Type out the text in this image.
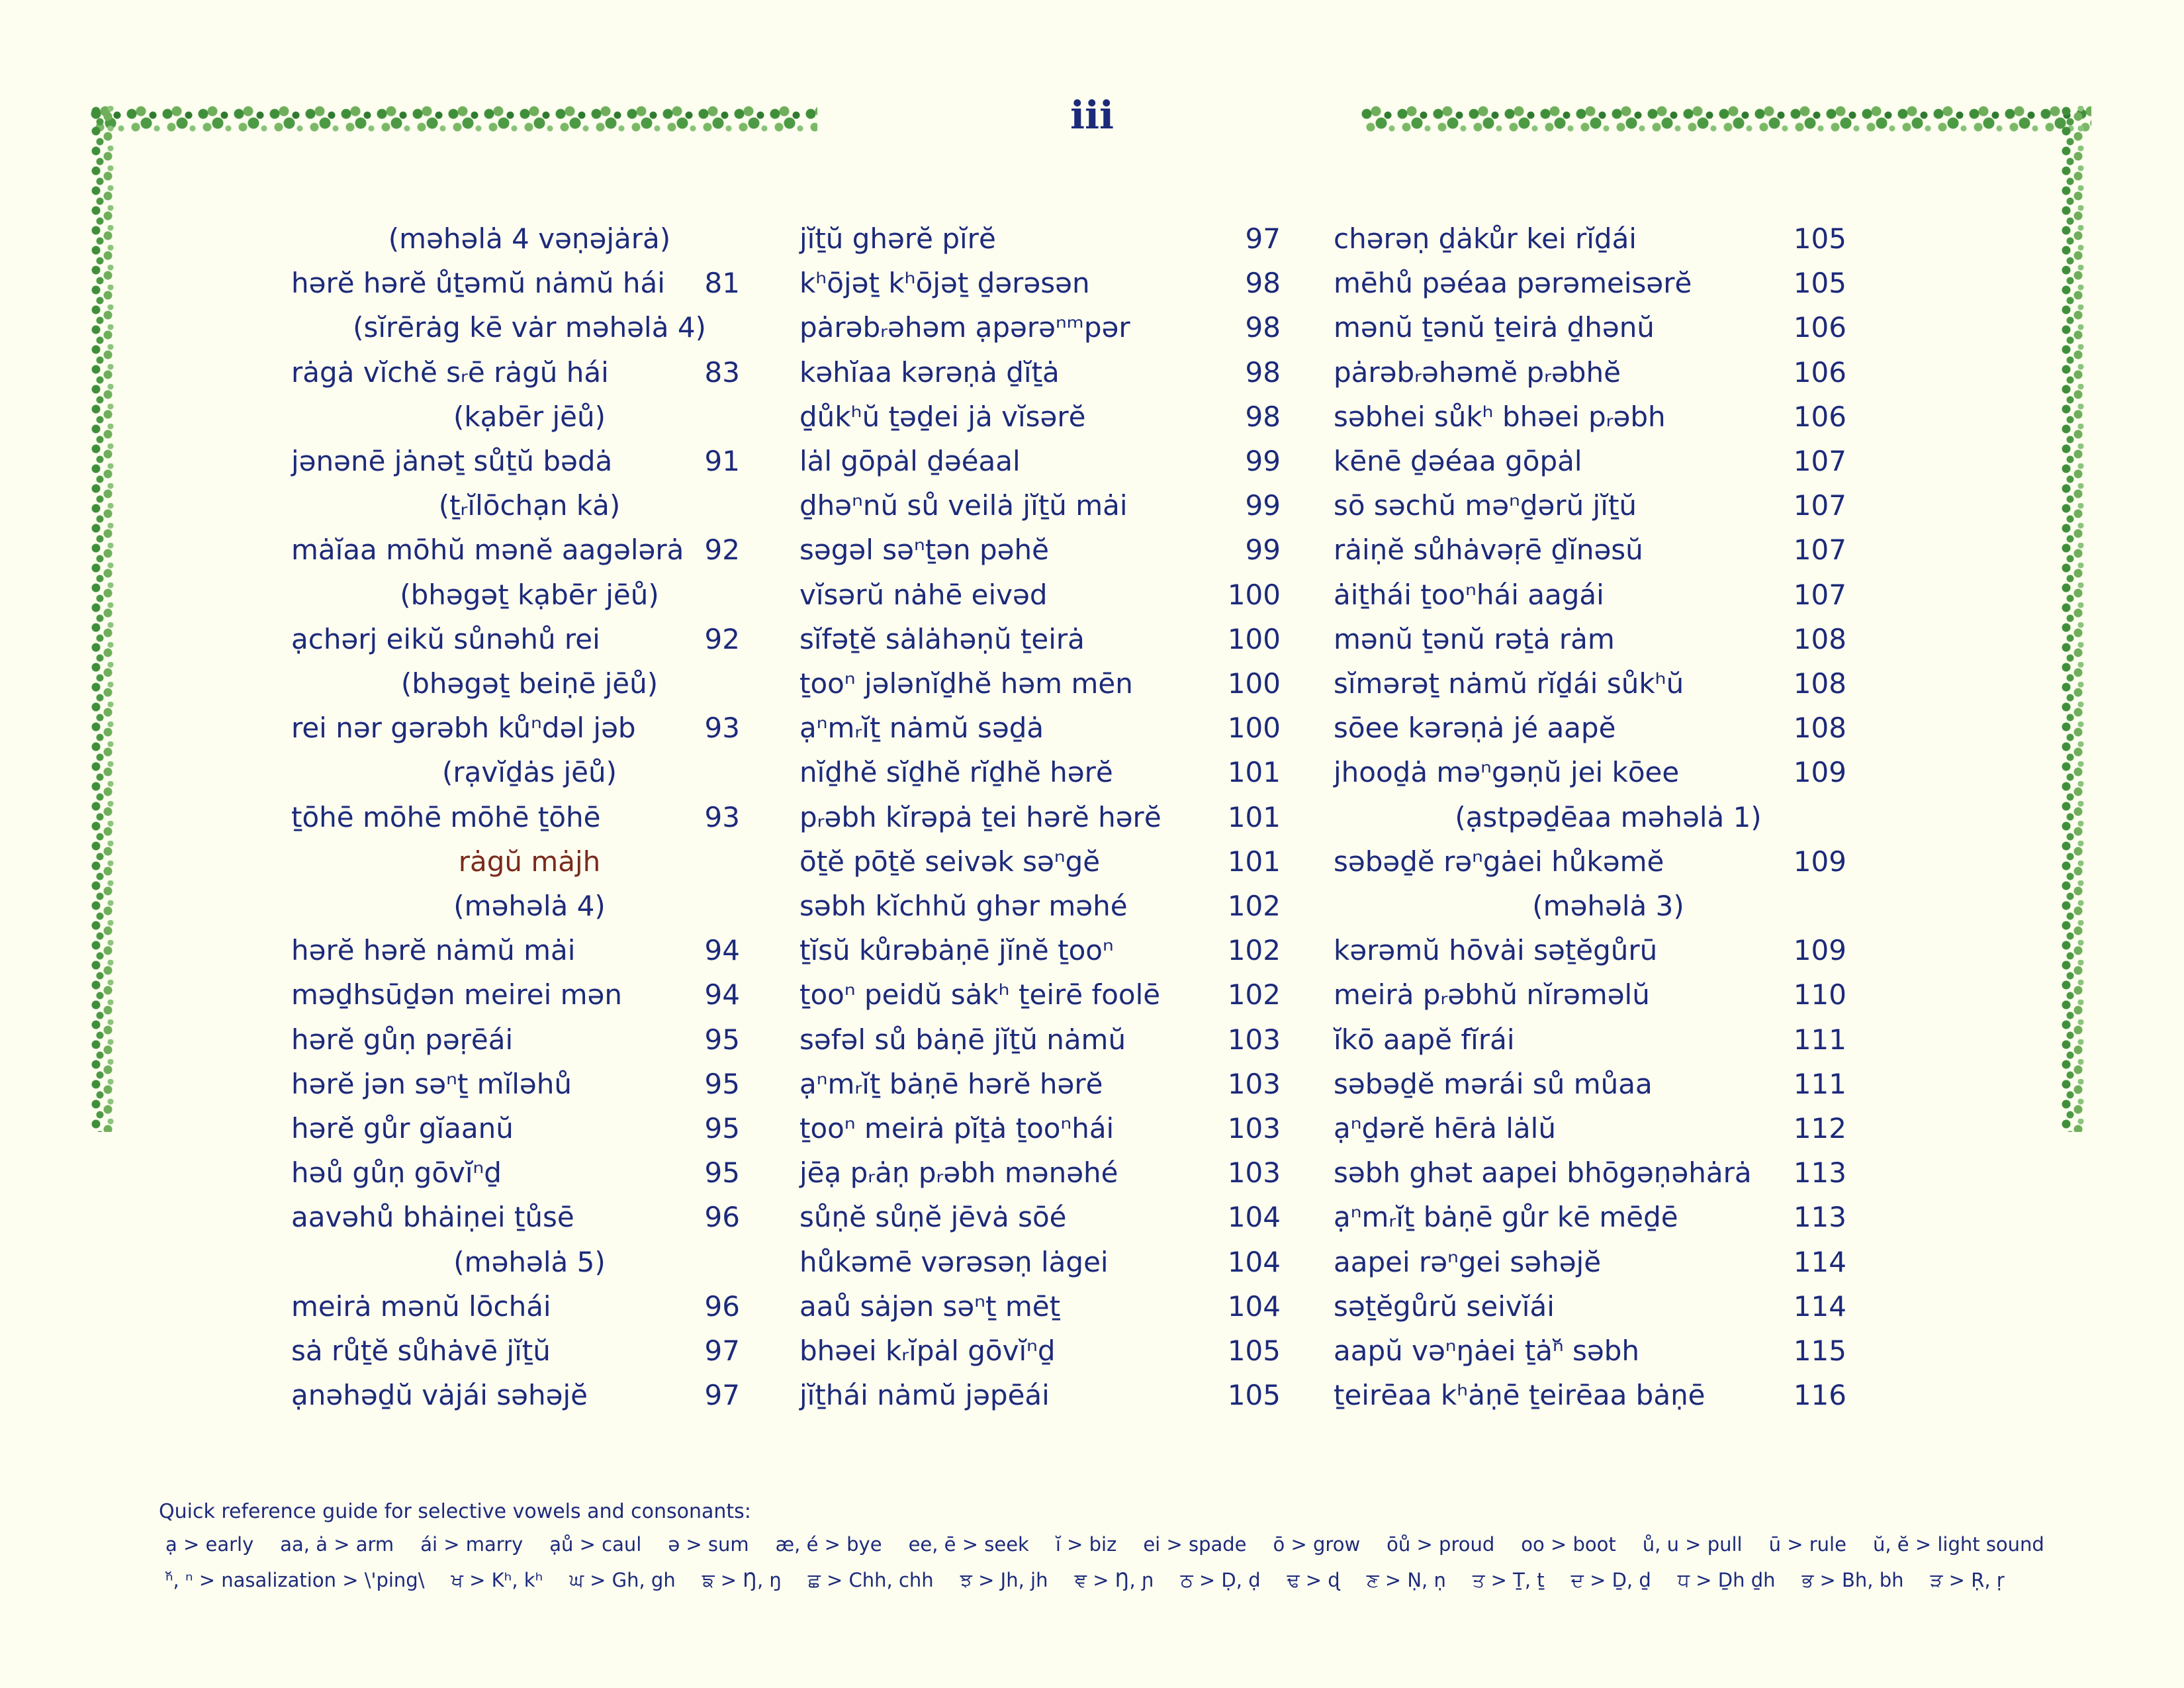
iii
(məhəlȧ 4 vəṇəjȧrȧ)
hərĕ hərĕ ůṯəmŭ nȧmŭ hái 81
(sĭrērȧg kē vȧr məhəlȧ 4)
rȧgȧ vĭchĕ sᵣē rȧgŭ hái	83
(kạbēr jēů)
jənənē jȧnəṯ sůṯŭ bədȧ	91
(ṯᵣĭlōchạn kȧ)
mȧĭaa mōhŭ mənĕ aagələrȧ 92
(bhəgəṯ kạbēr jēů)
ạchərj eikŭ sůnəhů rei	92
(bhəgəṯ beiṇē jēů)
rei nər gərəbh kůⁿdəl jəb 93
(rạvĭḏȧs jēů)
ṯōhē mōhē mōhē ṯōhē	93
rȧgŭ mȧjh
(məhəlȧ 4)
hərĕ hərĕ nȧmŭ mȧi	94
məḏhsūḏən meirei mən	94
hərĕ gůṇ pəṛēái	95
hərĕ jən səⁿṯ mĭləhů	95
hərĕ gůr gĭaanŭ	95
həů gůṇ gōvĭⁿḏ	95
aavəhů bhȧiṇei ṯůsē	96
(məhəlȧ 5)
meirȧ mənŭ lōchái	96
sȧ růṯĕ sůhȧvē jĭṯŭ	97
ạnəhəḏŭ vȧjái səhəjĕ	97
jĭṯŭ ghərĕ pĭrĕ	97
kʰōjəṯ kʰōjəṯ ḏərəsən	98
pȧrəbᵣəhəm ạpərəⁿᵐpər	98
kəhĭaa kərəṇȧ ḏĭṯȧ	98
ḏůkʰŭ ṯəḏei jȧ vĭsərĕ	98
lȧl gōpȧl ḏəéaal	99
ḏhəⁿnŭ sů veilȧ jĭṯŭ mȧi	99
səgəl səⁿṯən pəhĕ	99
vĭsərŭ nȧhē eivəd	100
sĭfəṯĕ sȧlȧhəṇŭ ṯeirȧ	100
ṯooⁿ jələnĭḏhĕ həm mēn	100
ạⁿmᵣĭṯ nȧmŭ səḏȧ	100
nĭḏhĕ sĭḏhĕ rĭḏhĕ hərĕ	101
pᵣəbh kĭrəpȧ ṯei hərĕ hərĕ 101
ōṯĕ pōṯĕ seivək səⁿgĕ	101
səbh kĭchhŭ ghər məhé	102
ṯĭsŭ kůrəbȧṇē jĭnĕ ṯooⁿ	102
ṯooⁿ peidŭ sȧkʰ ṯeirē foolē 102
səfəl sů bȧṇē jĭṯŭ nȧmŭ	103
ạⁿmᵣĭṯ bȧṇē hərĕ hərĕ	103
ṯooⁿ meirȧ pĭṯȧ ṯooⁿhái	103
jēạ pᵣȧṇ pᵣəbh mənəhé	103
sůṇĕ sůṇĕ jēvȧ sōé	104
hůkəmē vərəsəṇ lȧgei	104
aaů sȧjən səⁿṯ mēṯ	104
bhəei kᵣĭpȧl gōvĭⁿḏ	105
jĭṯhái nȧmŭ jəpēái	105
chərəṇ ḏȧkůr kei rĭḏái	105
mēhů pəéaa pərəmeisərĕ	105
mənŭ ṯənŭ ṯeirȧ ḏhənŭ	106
pȧrəbᵣəhəmĕ pᵣəbhĕ	106
səbhei sůkʰ bhəei pᵣəbh	106
kēnē ḏəéaa gōpȧl	107
sō səchŭ məⁿḏərŭ jĭṯŭ	107
rȧiṇĕ sůhȧvəṛē ḏĭnəsŭ	107
ȧiṯhái ṯooⁿhái aagái	107
mənŭ ṯənŭ rəṯȧ rȧm	108
sĭmərəṯ nȧmŭ rĭḏái sůkʰŭ	108
sōee kərəṇȧ jé aapĕ	108
jhooḏȧ məⁿgəṇŭ jei kōee	109
(ạstpəḏēaa məhəlȧ 1)
səbəḏĕ rəⁿgȧei hůkəmĕ	109
(məhəlȧ 3)
kərəmŭ hōvȧi səṯĕgůrū	109
meirȧ pᵣəbhŭ nĭrəməlŭ	110
ĭkō aapĕ fĭrái	111
səbəḏĕ mərái sů můaa	111
ạⁿḏərĕ hērȧ lȧlŭ	112
səbh ghət aapei bhōgəṇəhȧrȧ 113
ạⁿmᵣĭṯ bȧṇē gůr kē mēḏē	113
aapei rəⁿgei səhəjĕ	114
səṯĕgůrŭ seivĭái	114
aapŭ vəⁿŋȧei ṯȧⁿ̆ səbh	115
ṯeirēaa kʰȧṇē ṯeirēaa bȧṇē	116
Quick reference guide for selective vowels and consonants:
ạ > early aa, ȧ > arm ái > marry ạů > caul ə > sum æ, é > bye ee, ē > seek ĭ > biz ei > spade ō > grow ōů > proud oo > boot ů, u > pull ū > rule ŭ, ĕ > light sound
ⁿ̆, ⁿ > nasalization > \'ping\ ਖ > Kʰ, kʰ ਘ > Gh, gh ਙ > Ŋ, ŋ ਛ > Chh, chh ਝ > Jh, jh ਞ > Ŋ, ɲ ਠ > Ḍ, ḍ ਢ > ɖ ਣ > Ṇ, ṇ ਤ > Ṯ, ṯ ਦ > Ḏ, ḏ ਧ > Ḏh ḏh ਭ > Bh, bh ੜ > Ṛ, ṛ
